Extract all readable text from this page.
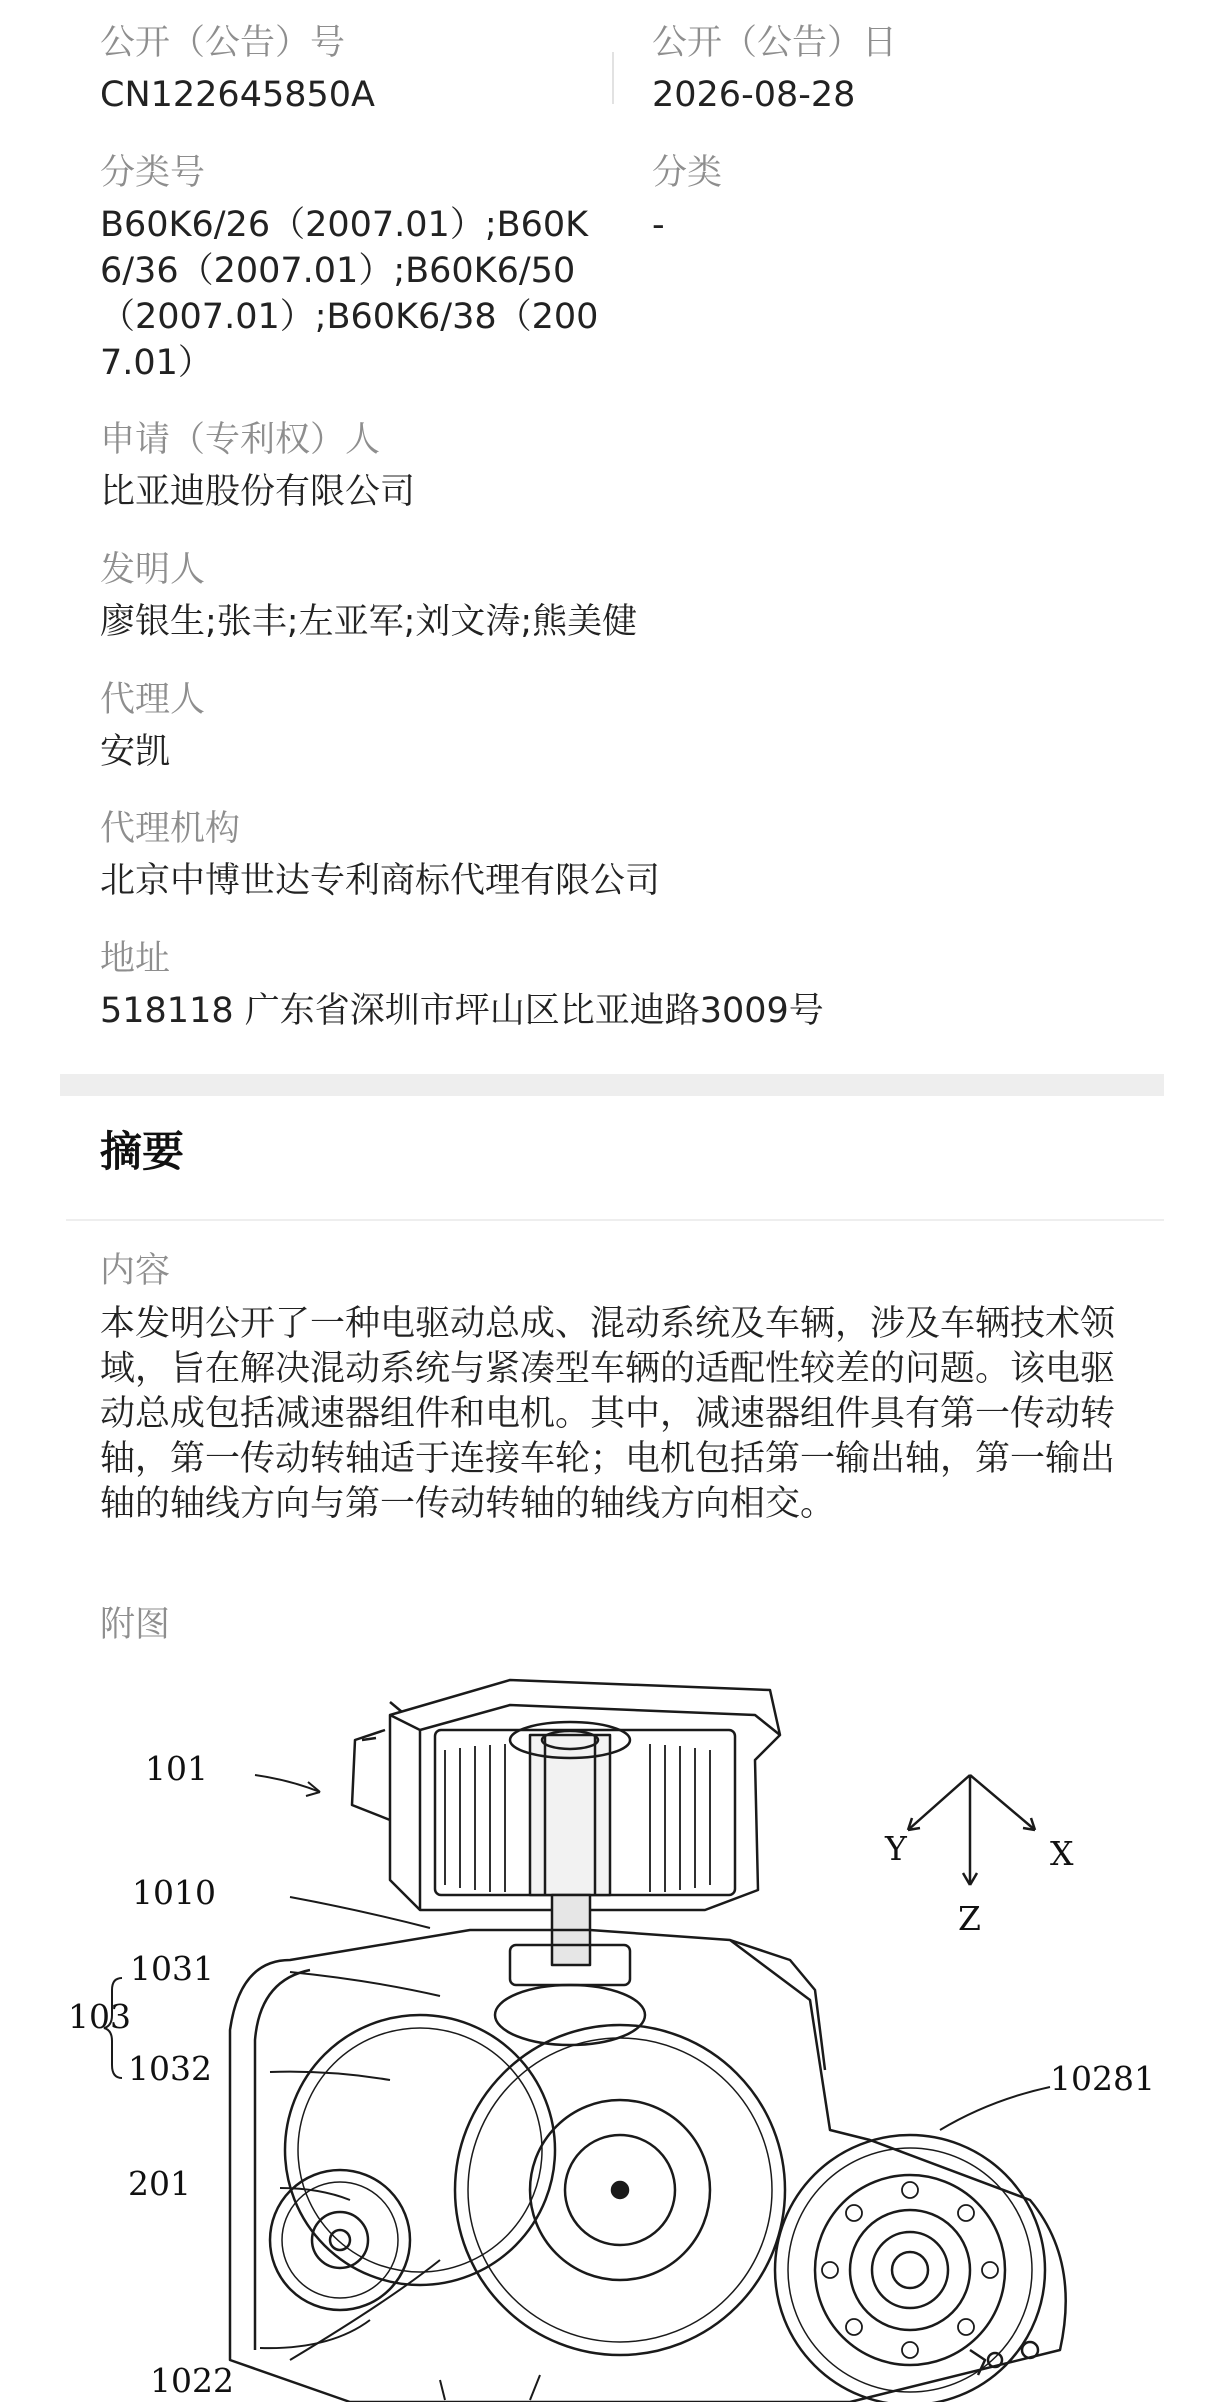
公开（公告）号
CN122645850A
公开（公告）日
2026-08-28
分类号
B60K6/26（2007.01）;B60K6/36（2007.01）;B60K6/50（2007.01）;B60K6/38（2007.01）
分类
-
申请（专利权）人
比亚迪股份有限公司
发明人
廖银生;张丰;左亚军;刘文涛;熊美健
代理人
安凯
代理机构
北京中博世达专利商标代理有限公司
地址
518118 广东省深圳市坪山区比亚迪路3009号
摘要
内容
本发明公开了一种电驱动总成、混动系统及车辆，涉及车辆技术领域，旨在解决混动系统与紧凑型车辆的适配性较差的问题。该电驱动总成包括减速器组件和电机。其中，减速器组件具有第一传动转轴，第一传动转轴适于连接车轮；电机包括第一输出轴，第一输出轴的轴线方向与第一传动转轴的轴线方向相交。
附图
101
1010
1031
103
1032
201
1022
10281
Y
Z
X
